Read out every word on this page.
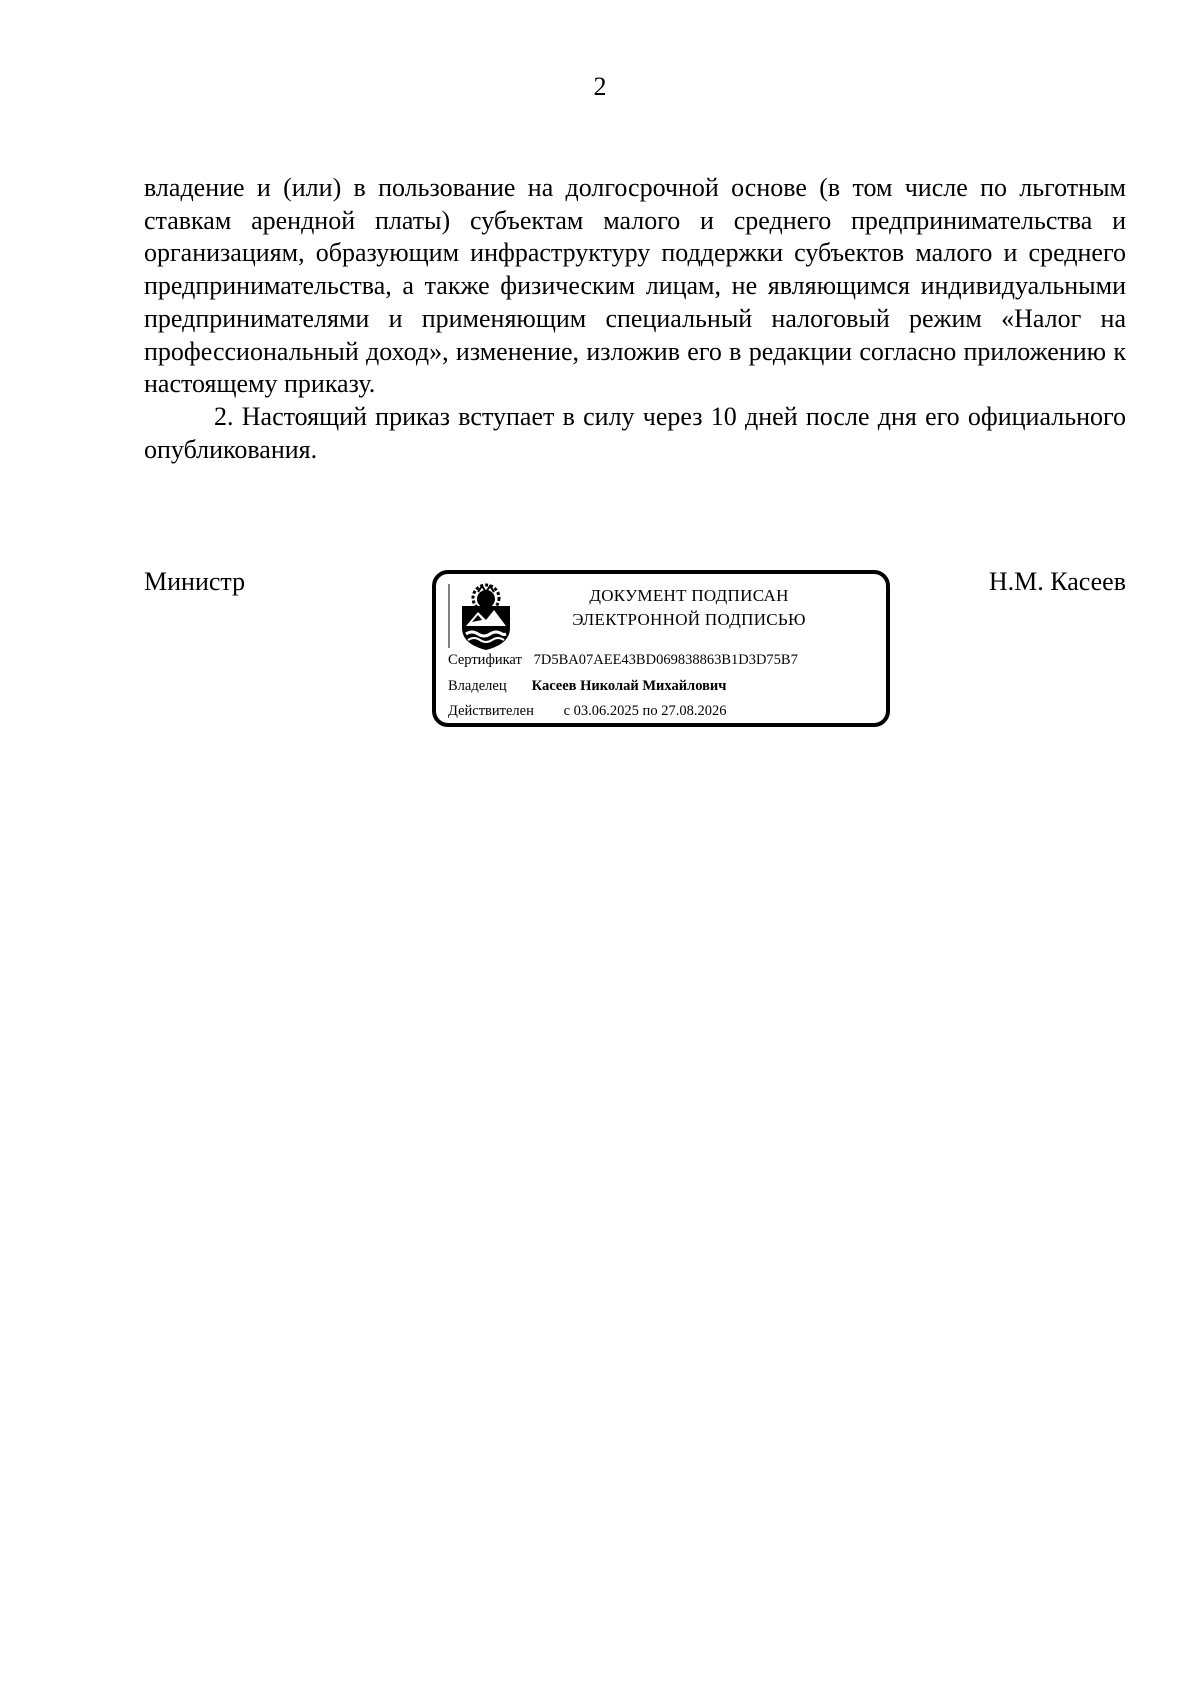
2

владение и (или) в пользование на долгосрочной основе (в том числе по льготным ставкам арендной платы) субъектам малого и среднего предпринимательства и организациям, образующим инфраструктуру поддержки субъектов малого и среднего предпринимательства, а также физическим лицам, не являющимся индивидуальными предпринимателями и применяющим специальный налоговый режим «Налог на профессиональный доход», изменение, изложив его в редакции согласно приложению к настоящему приказу.

2. Настоящий приказ вступает в силу через 10 дней после дня его официального опубликования.

Министр	ДОКУМЕНТ ПОДПИСАН
ЭЛЕКТРОННОЙ ПОДПИСЬЮ
Сертификат 7D5BA07AEE43BD069838863B1D3D75B7
Владелец Касеев Николай Михайлович
Действителен с 03.06.2025 по 27.08.2026
Н.М. Касеев
